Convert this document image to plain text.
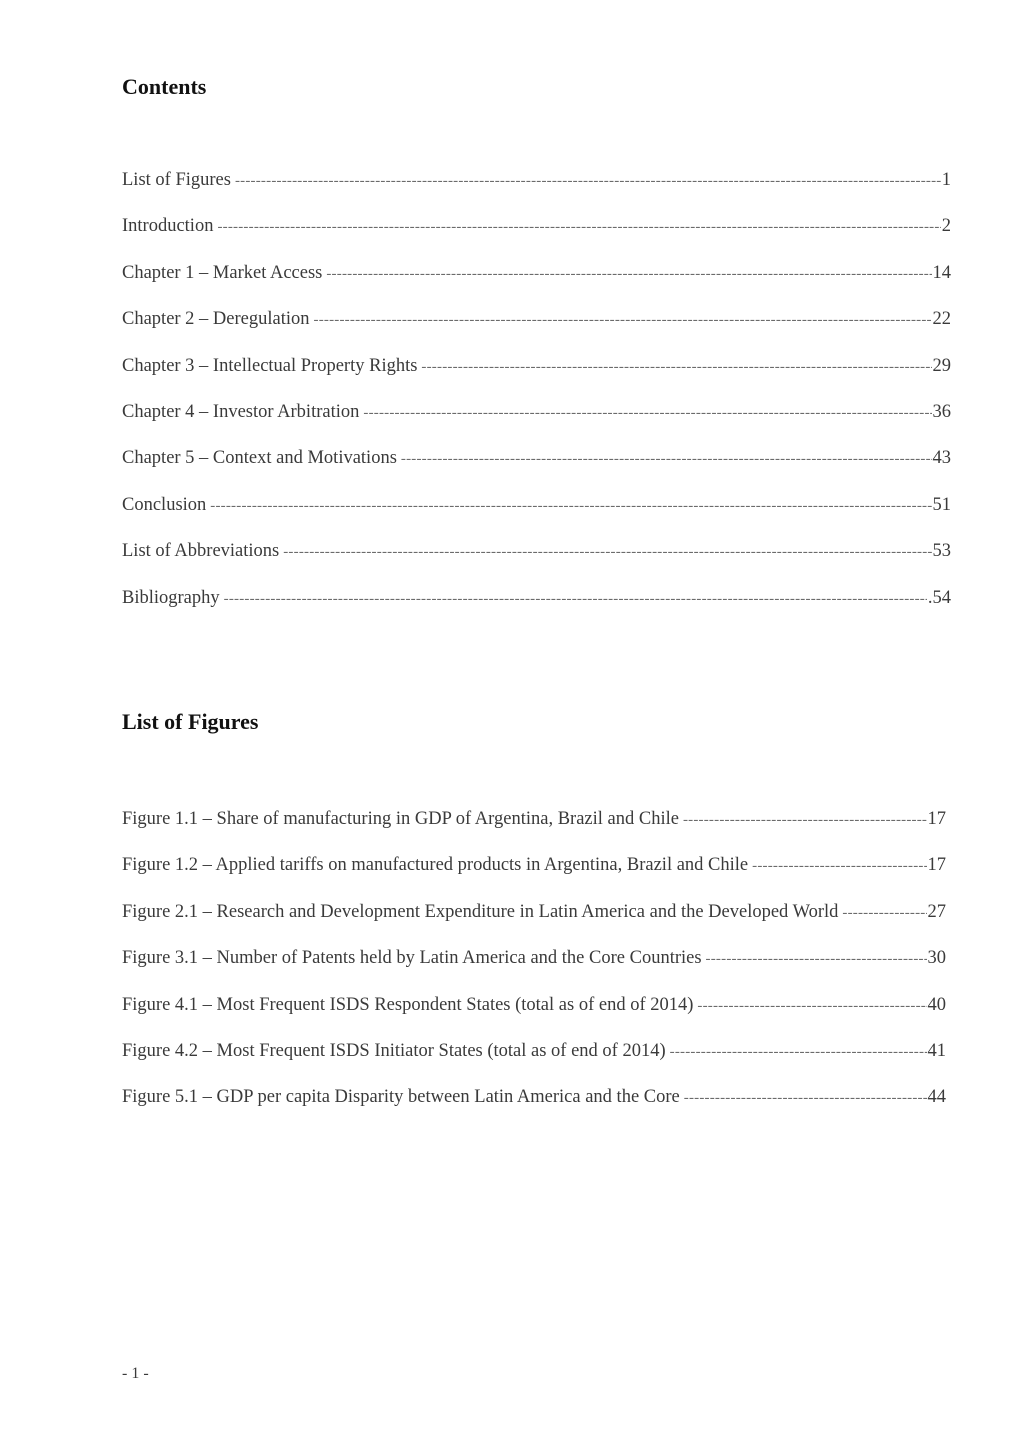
Contents
List of Figures -----	1
Introduction -----	2
Chapter 1 – Market Access -----	14
Chapter 2 – Deregulation -----	22
Chapter 3 – Intellectual Property Rights -----	29
Chapter 4 – Investor Arbitration -----	36
Chapter 5 – Context and Motivations -----	43
Conclusion -----	51
List of Abbreviations -----	53
Bibliography -----	.54
List of Figures
Figure 1.1 – Share of manufacturing in GDP of Argentina, Brazil and Chile -----	17
Figure 1.2 – Applied tariffs on manufactured products in Argentina, Brazil and Chile -----	17
Figure 2.1 – Research and Development Expenditure in Latin America and the Developed World -----	27
Figure 3.1 – Number of Patents held by Latin America and the Core Countries -----	30
Figure 4.1 – Most Frequent ISDS Respondent States (total as of end of 2014) -----	40
Figure 4.2 – Most Frequent ISDS Initiator States (total as of end of 2014) -----	41
Figure 5.1 – GDP per capita Disparity between Latin America and the Core -----	44
- 1 -
